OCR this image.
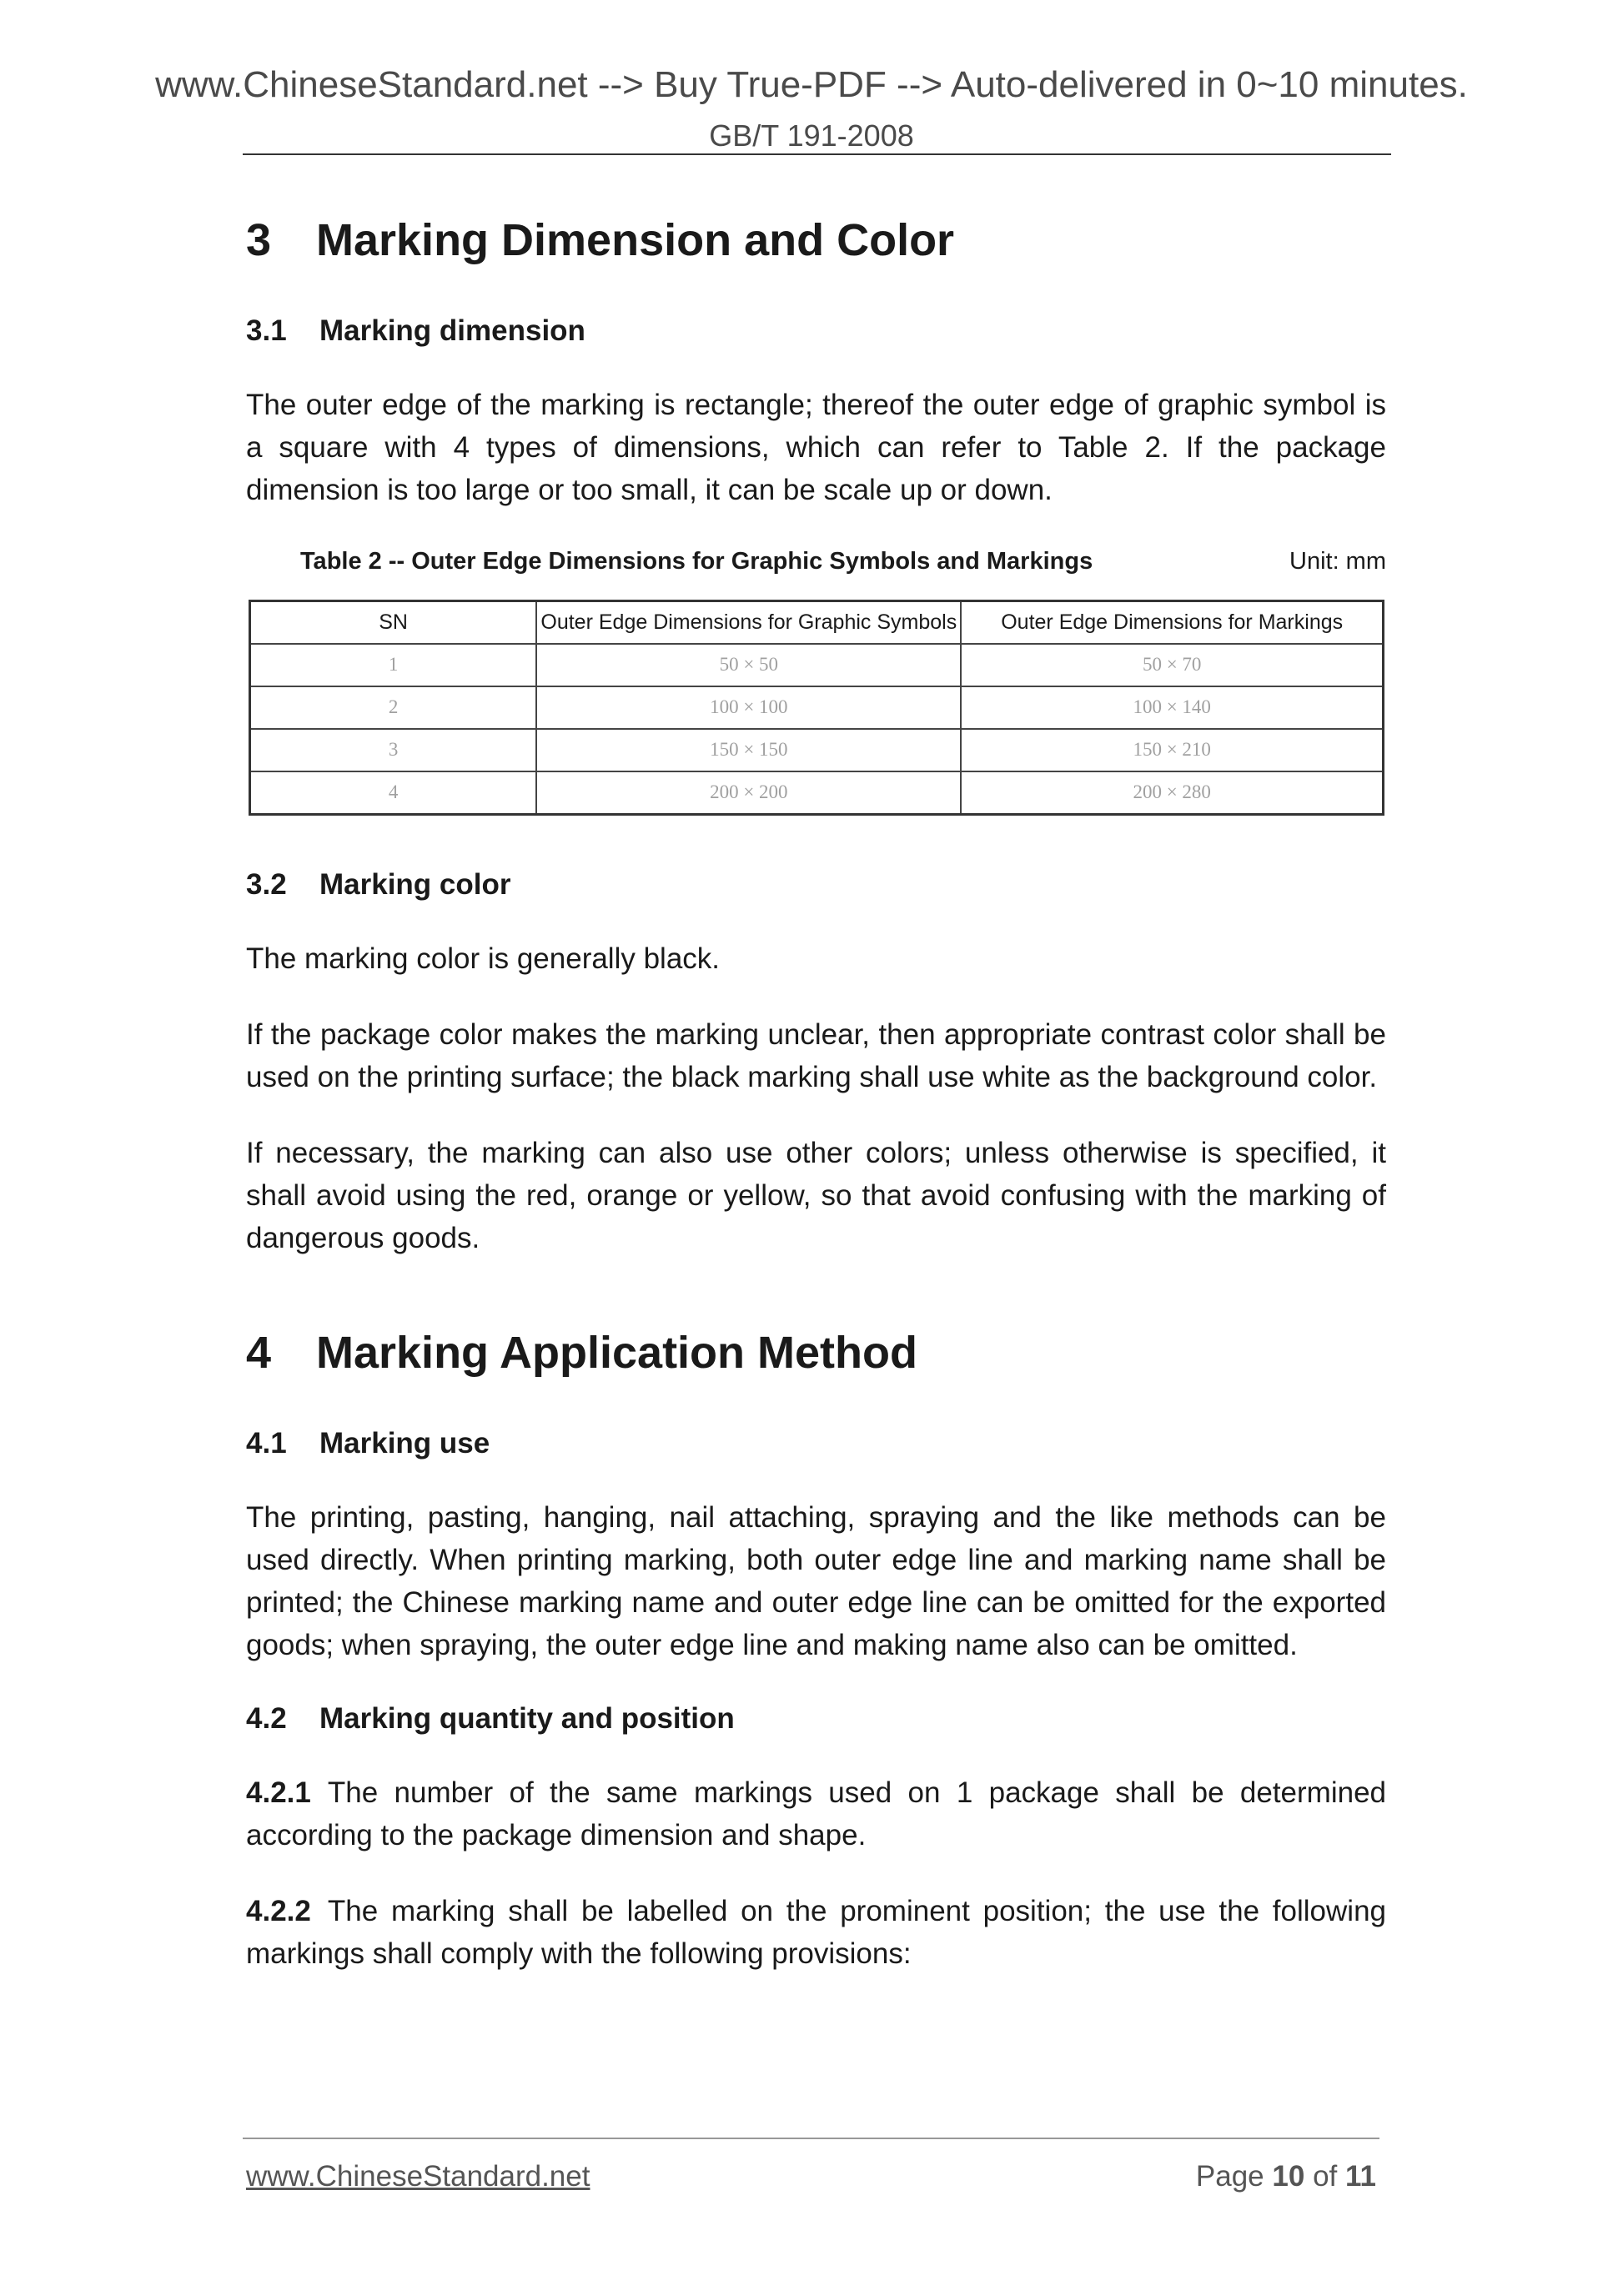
www.ChineseStandard.net --> Buy True-PDF --> Auto-delivered in 0~10 minutes.
GB/T 191-2008
3 Marking Dimension and Color
3.1 Marking dimension

The outer edge of the marking is rectangle; thereof the outer edge of graphic symbol is a square with 4 types of dimensions, which can refer to Table 2. If the package dimension is too large or too small, it can be scale up or down.

Table 2 -- Outer Edge Dimensions for Graphic Symbols and Markings	Unit: mm
SN	Outer Edge Dimensions for Graphic Symbols	Outer Edge Dimensions for Markings
1	50 × 50	50 × 70
2	100 × 100	100 × 140
3	150 × 150	150 × 210
4	200 × 200	200 × 280
3.2 Marking color

The marking color is generally black.

If the package color makes the marking unclear, then appropriate contrast color shall be used on the printing surface; the black marking shall use white as the background color.

If necessary, the marking can also use other colors; unless otherwise is specified, it shall avoid using the red, orange or yellow, so that avoid confusing with the marking of dangerous goods.

4 Marking Application Method
4.1 Marking use

The printing, pasting, hanging, nail attaching, spraying and the like methods can be used directly. When printing marking, both outer edge line and marking name shall be printed; the Chinese marking name and outer edge line can be omitted for the exported goods; when spraying, the outer edge line and making name also can be omitted.

4.2 Marking quantity and position

4.2.1 The number of the same markings used on 1 package shall be determined according to the package dimension and shape.

4.2.2 The marking shall be labelled on the prominent position; the use the following markings shall comply with the following provisions:

www.ChineseStandard.net	Page 10 of 11
